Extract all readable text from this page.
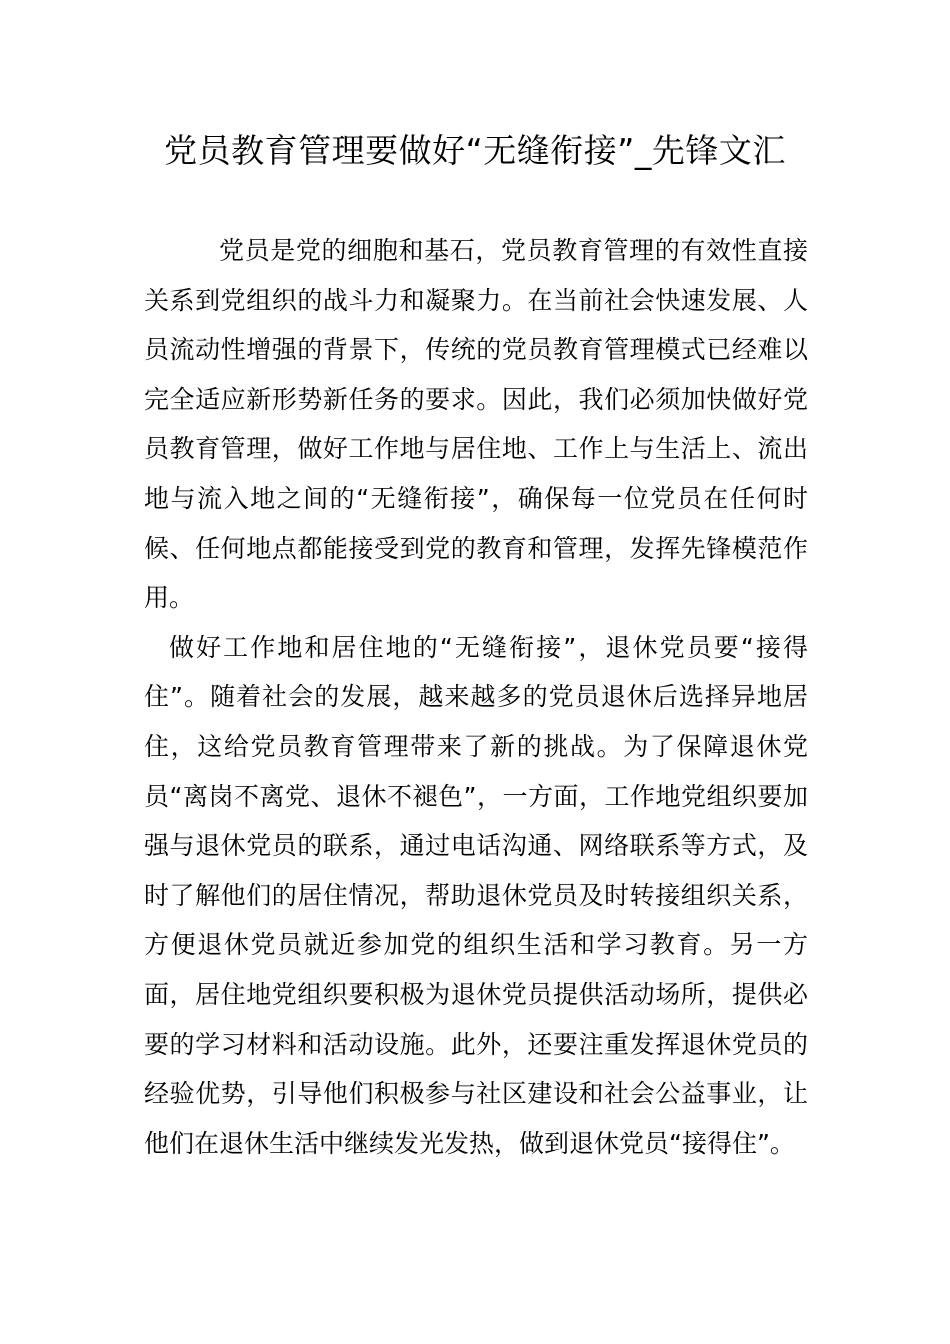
党员教育管理要做好“无缝衔接”_先锋文汇

党员是党的细胞和基石，党员教育管理的有效性直接关系到党组织的战斗力和凝聚力。在当前社会快速发展、人员流动性增强的背景下，传统的党员教育管理模式已经难以完全适应新形势新任务的要求。因此，我们必须加快做好党员教育管理，做好工作地与居住地、工作上与生活上、流出地与流入地之间的“无缝衔接”，确保每一位党员在任何时候、任何地点都能接受到党的教育和管理，发挥先锋模范作用。

做好工作地和居住地的“无缝衔接”，退休党员要“接得住”。随着社会的发展，越来越多的党员退休后选择异地居住，这给党员教育管理带来了新的挑战。为了保障退休党员“离岗不离党、退休不褪色”，一方面，工作地党组织要加强与退休党员的联系，通过电话沟通、网络联系等方式，及时了解他们的居住情况，帮助退休党员及时转接组织关系，方便退休党员就近参加党的组织生活和学习教育。另一方面，居住地党组织要积极为退休党员提供活动场所，提供必要的学习材料和活动设施。此外，还要注重发挥退休党员的经验优势，引导他们积极参与社区建设和社会公益事业，让他们在退休生活中继续发光发热，做到退休党员“接得住”。
